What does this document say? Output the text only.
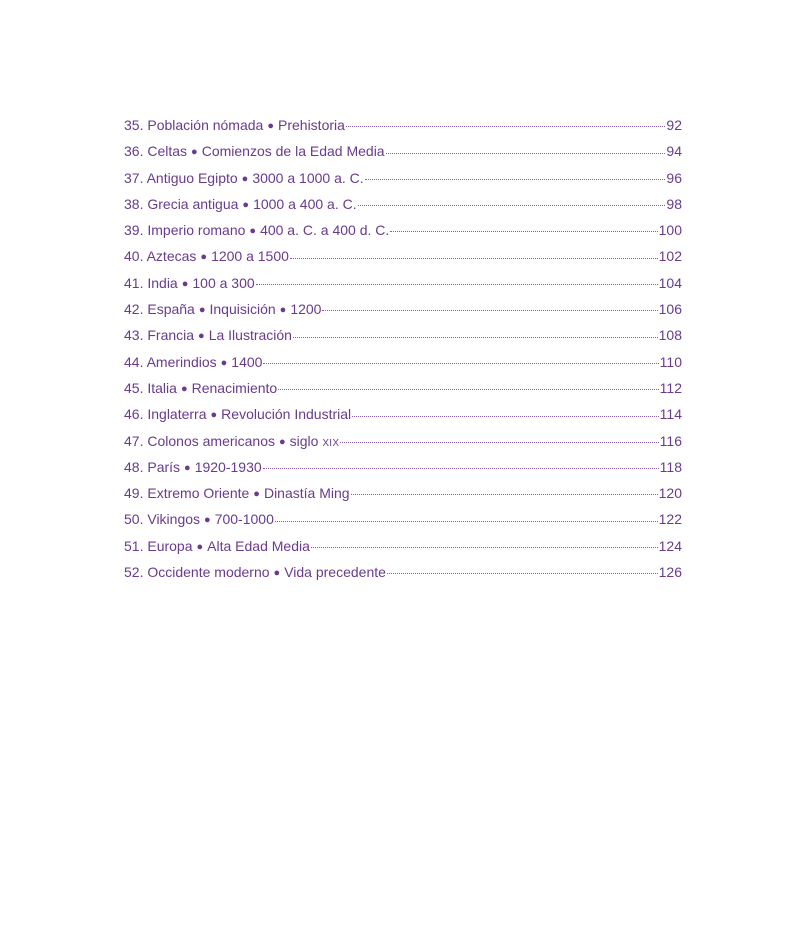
35. Población nómada ● Prehistoria	92
36. Celtas ● Comienzos de la Edad Media	94
37. Antiguo Egipto ● 3000 a 1000 a. C.	96
38. Grecia antigua ● 1000 a 400 a. C.	98
39. Imperio romano ● 400 a. C. a 400 d. C.	100
40. Aztecas ● 1200 a 1500	102
41. India ● 100 a 300	104
42. España ● Inquisición ● 1200	106
43. Francia ● La Ilustración	108
44. Amerindios ● 1400	110
45. Italia ● Renacimiento	112
46. Inglaterra ● Revolución Industrial	114
47. Colonos americanos ● siglo XIX	116
48. París ● 1920-1930	118
49. Extremo Oriente ● Dinastía Ming	120
50. Vikingos ● 700-1000	122
51. Europa ● Alta Edad Media	124
52. Occidente moderno ● Vida precedente	126
